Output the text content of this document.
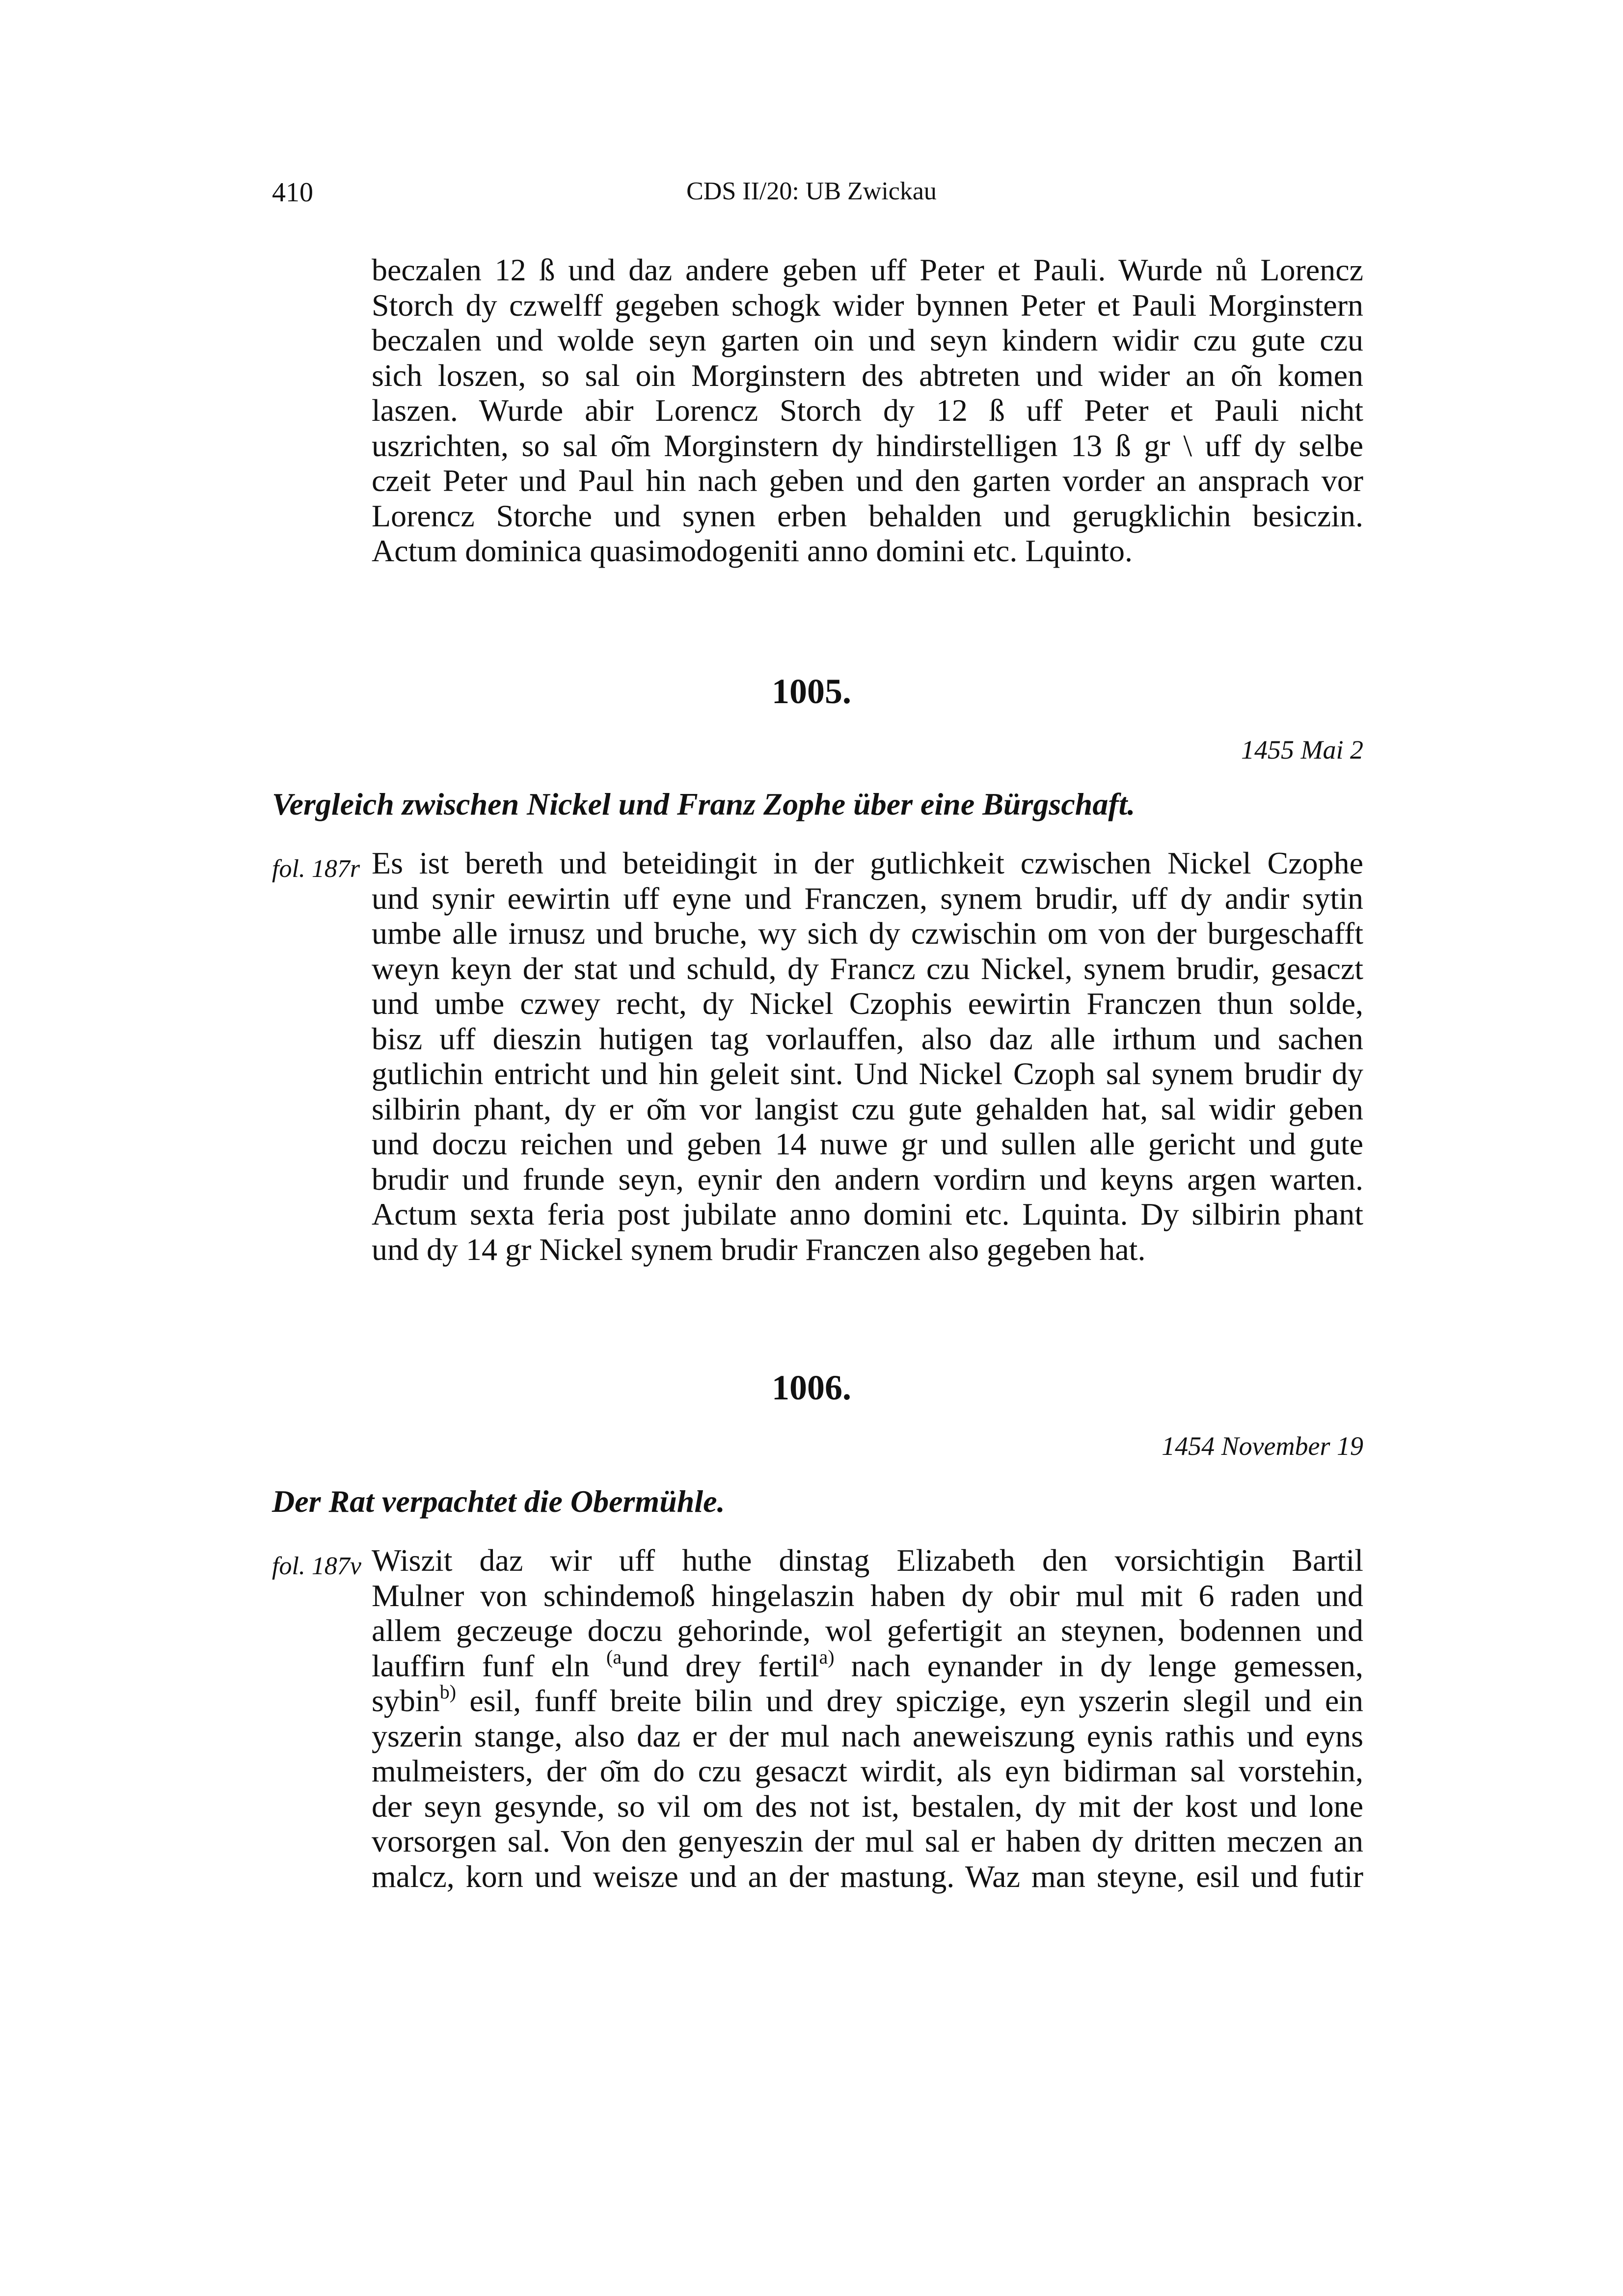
410	CDS II/20: UB Zwickau
beczalen 12 ß und daz andere geben uff Peter et Pauli. Wurde nů Lorencz
Storch dy czwelff gegeben schogk wider bynnen Peter et Pauli Morginstern
beczalen und wolde seyn garten oin und seyn kindern widir czu gute czu
sich loszen, so sal oin Morginstern des abtreten und wider an o͂n komen
laszen. Wurde abir Lorencz Storch dy 12 ß uff Peter et Pauli nicht
uszrichten, so sal o͂m Morginstern dy hindirstelligen 13 ß gr \ uff dy selbe
czeit Peter und Paul hin nach geben und den garten vorder an ansprach vor
Lorencz Storche und synen erben behalden und gerugklichin besiczin.
Actum dominica quasimodogeniti anno domini etc. Lquinto.
1005.
1455 Mai 2
Vergleich zwischen Nickel und Franz Zophe über eine Bürgschaft.
fol. 187r Es ist bereth und beteidingit in der gutlichkeit czwischen Nickel Czophe
und synir eewirtin uff eyne und Franczen, synem brudir, uff dy andir sytin
umbe alle irnusz und bruche, wy sich dy czwischin om von der burgeschafft
weyn keyn der stat und schuld, dy Francz czu Nickel, synem brudir, gesaczt
und umbe czwey recht, dy Nickel Czophis eewirtin Franczen thun solde,
bisz uff dieszin hutigen tag vorlauffen, also daz alle irthum und sachen
gutlichin entricht und hin geleit sint. Und Nickel Czoph sal synem brudir dy
silbirin phant, dy er o͂m vor langist czu gute gehalden hat, sal widir geben
und doczu reichen und geben 14 nuwe gr und sullen alle gericht und gute
brudir und frunde seyn, eynir den andern vordirn und keyns argen warten.
Actum sexta feria post jubilate anno domini etc. Lquinta. Dy silbirin phant
und dy 14 gr Nickel synem brudir Franczen also gegeben hat.
1006.
1454 November 19
Der Rat verpachtet die Obermühle.
fol. 187v Wiszit daz wir uff huthe dinstag Elizabeth den vorsichtigin Bartil
Mulner von schindemoß hingelaszin haben dy obir mul mit 6 raden und
allem geczeuge doczu gehorinde, wol gefertigit an steynen, bodennen und
lauffirn funf eln $^{(a}$und drey fertil$^{a)}$ nach eynander in dy lenge gemessen,
sybin$^{b)}$ esil, funff breite bilin und drey spiczige, eyn yszerin slegil und ein
yszerin stange, also daz er der mul nach aneweiszung eynis rathis und eyns
mulmeisters, der o͂m do czu gesaczt wirdit, als eyn bidirman sal vorstehin,
der seyn gesynde, so vil om des not ist, bestalen, dy mit der kost und lone
vorsorgen sal. Von den genyeszin der mul sal er haben dy dritten meczen an
malcz, korn und weisze und an der mastung. Waz man steyne, esil und futir
